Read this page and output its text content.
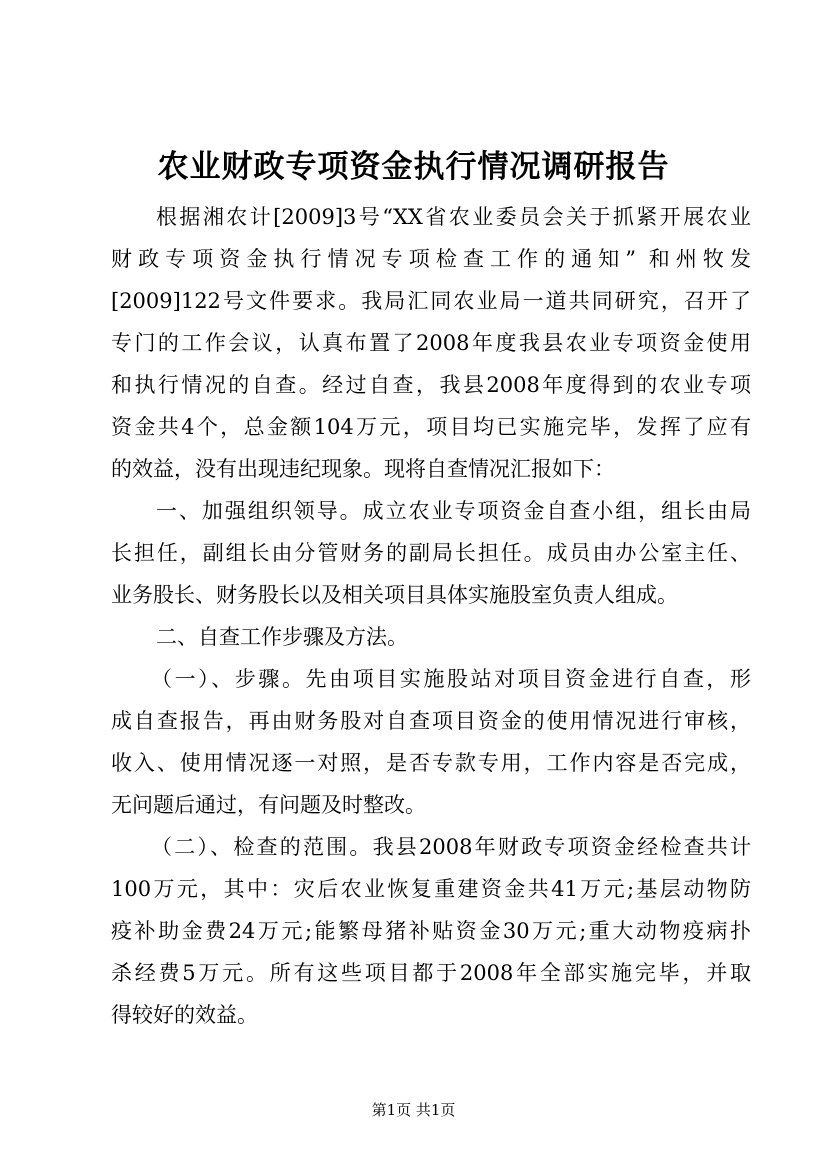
农业财政专项资金执行情况调研报告
根据湘农计[2009]3号“XX省农业委员会关于抓紧开展农业
财政专项资金执行情况专项检查工作的通知” 和州牧发
[2009]122号文件要求。我局汇同农业局一道共同研究，召开了
专门的工作会议，认真布置了2008年度我县农业专项资金使用
和执行情况的自查。经过自查，我县2008年度得到的农业专项
资金共4个，总金额104万元，项目均已实施完毕，发挥了应有
的效益，没有出现违纪现象。现将自查情况汇报如下：
一、加强组织领导。成立农业专项资金自查小组，组长由局
长担任，副组长由分管财务的副局长担任。成员由办公室主任、
业务股长、财务股长以及相关项目具体实施股室负责人组成。
二、自查工作步骤及方法。
（一）、步骤。先由项目实施股站对项目资金进行自查，形
成自查报告，再由财务股对自查项目资金的使用情况进行审核，
收入、使用情况逐一对照，是否专款专用，工作内容是否完成，
无问题后通过，有问题及时整改。
（二）、检查的范围。我县2008年财政专项资金经检查共计
100万元，其中：灾后农业恢复重建资金共41万元;基层动物防
疫补助金费24万元;能繁母猪补贴资金30万元;重大动物疫病扑
杀经费5万元。所有这些项目都于2008年全部实施完毕，并取
得较好的效益。
第1页 共1页
